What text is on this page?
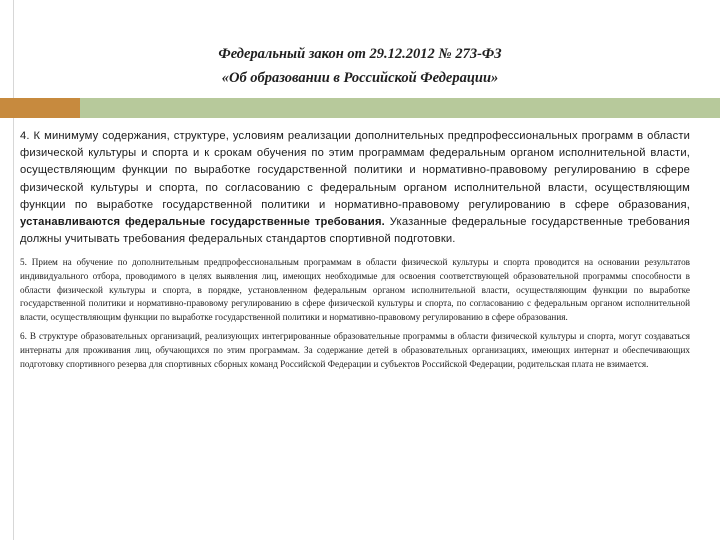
Федеральный закон от 29.12.2012 № 273-ФЗ
«Об образовании в Российской Федерации»

4. К минимуму содержания, структуре, условиям реализации дополнительных предпрофессиональных программ в области физической культуры и спорта и к срокам обучения по этим программам федеральным органом исполнительной власти, осуществляющим функции по выработке государственной политики и нормативно-правовому регулированию в сфере физической культуры и спорта, по согласованию с федеральным органом исполнительной власти, осуществляющим функции по выработке государственной политики и нормативно-правовому регулированию в сфере образования, устанавливаются федеральные государственные требования. Указанные федеральные государственные требования должны учитывать требования федеральных стандартов спортивной подготовки.

5. Прием на обучение по дополнительным предпрофессиональным программам в области физической культуры и спорта проводится на основании результатов индивидуального отбора, проводимого в целях выявления лиц, имеющих необходимые для освоения соответствующей образовательной программы способности в области физической культуры и спорта, в порядке, установленном федеральным органом исполнительной власти, осуществляющим функции по выработке государственной политики и нормативно-правовому регулированию в сфере физической культуры и спорта, по согласованию с федеральным органом исполнительной власти, осуществляющим функции по выработке государственной политики и нормативно-правовому регулированию в сфере образования.

6. В структуре образовательных организаций, реализующих интегрированные образовательные программы в области физической культуры и спорта, могут создаваться интернаты для проживания лиц, обучающихся по этим программам. За содержание детей в образовательных организациях, имеющих интернат и обеспечивающих подготовку спортивного резерва для спортивных сборных команд Российской Федерации и субъектов Российской Федерации, родительская плата не взимается.
